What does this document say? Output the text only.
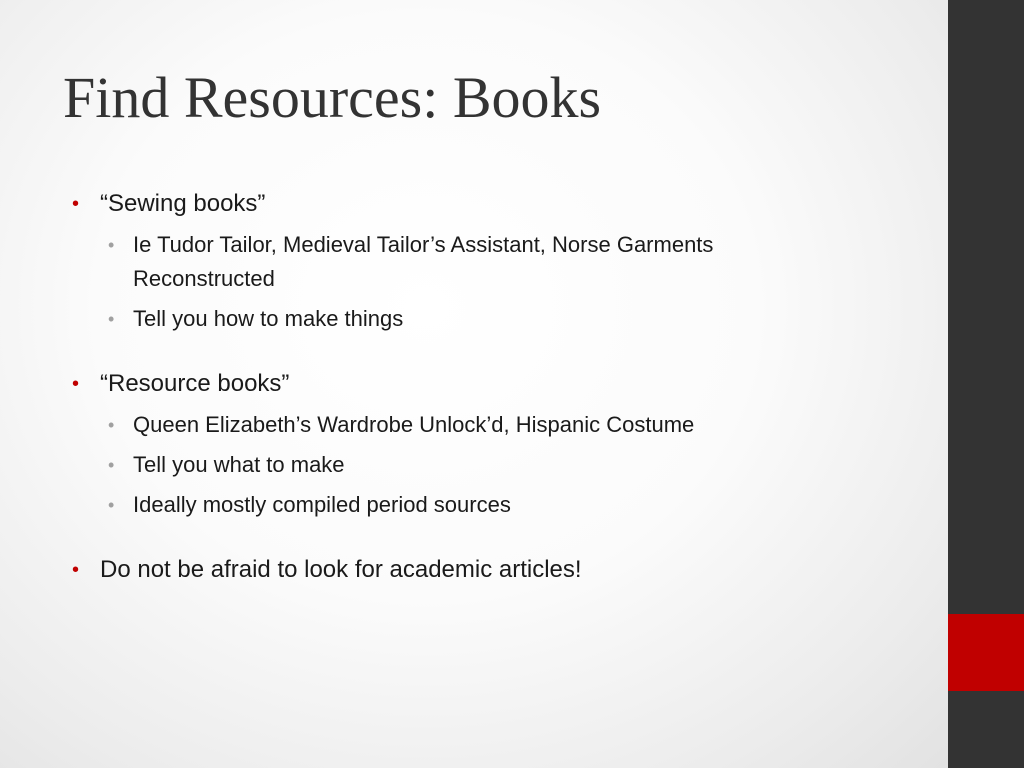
Find Resources: Books
• “Sewing books”
• Ie Tudor Tailor, Medieval Tailor’s Assistant, Norse Garments Reconstructed
• Tell you how to make things
• “Resource books”
• Queen Elizabeth’s Wardrobe Unlock’d, Hispanic Costume
• Tell you what to make
• Ideally mostly compiled period sources
• Do not be afraid to look for academic articles!
